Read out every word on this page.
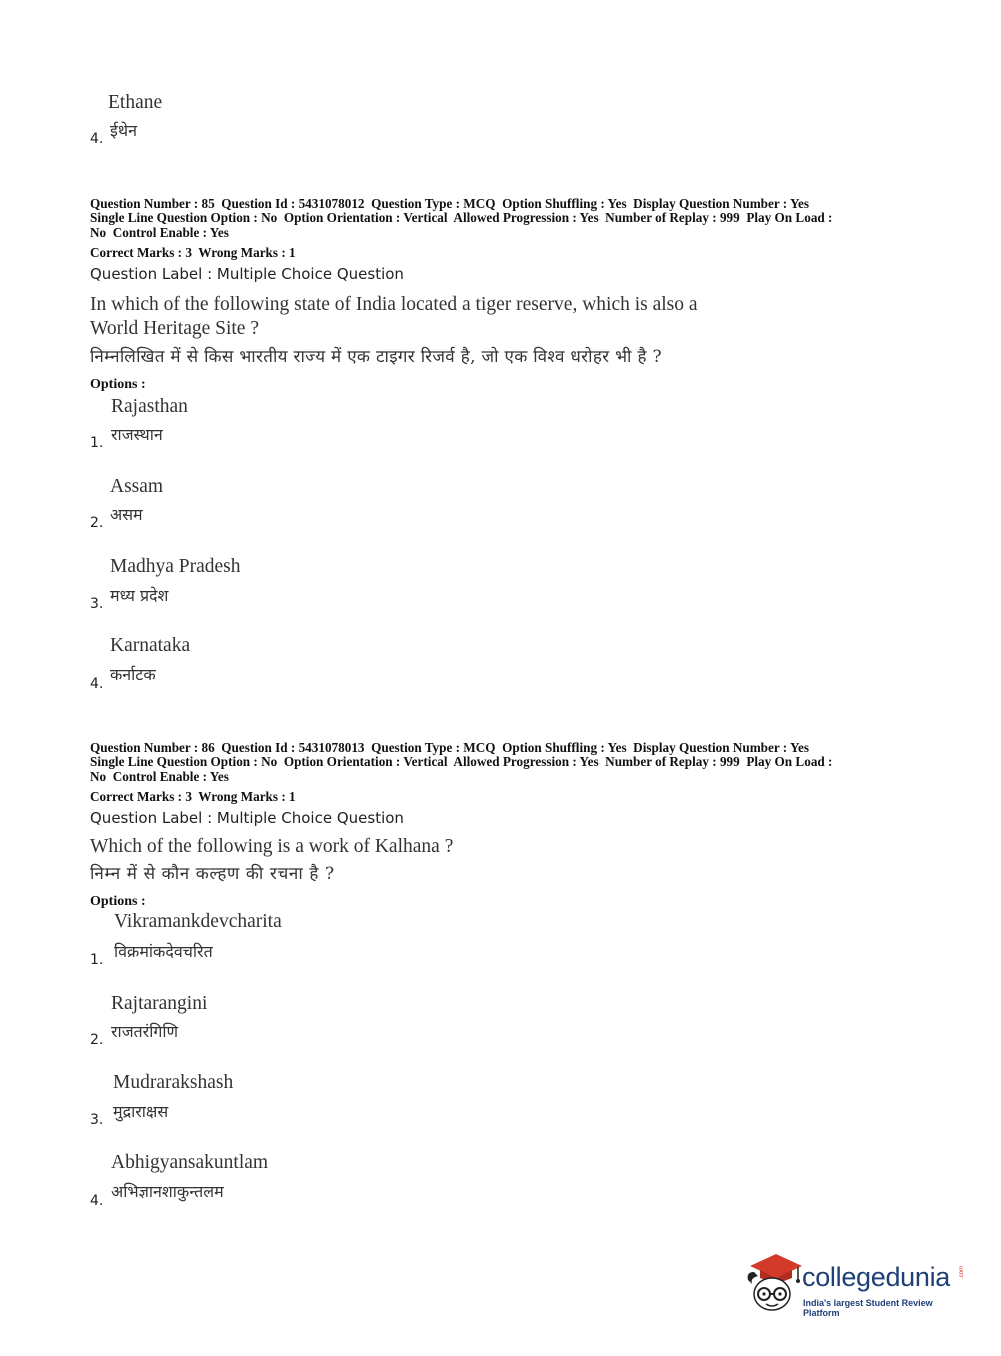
Ethane
ईथेन
4.
Question Number : 85  Question Id : 5431078012  Question Type : MCQ  Option Shuffling : Yes  Display Question Number : Yes
Single Line Question Option : No  Option Orientation : Vertical  Allowed Progression : Yes  Number of Replay : 999  Play On Load :
No  Control Enable : Yes
Correct Marks : 3  Wrong Marks : 1
Question Label : Multiple Choice Question
In which of the following state of India located a tiger reserve, which is also a
World Heritage Site ?
निम्नलिखित में से किस भारतीय राज्य में एक टाइगर रिजर्व है, जो एक विश्व धरोहर भी है ?
Options :
Rajasthan
राजस्थान
1.
Assam
असम
2.
Madhya Pradesh
मध्य प्रदेश
3.
Karnataka
कर्नाटक
4.
Question Number : 86  Question Id : 5431078013  Question Type : MCQ  Option Shuffling : Yes  Display Question Number : Yes
Single Line Question Option : No  Option Orientation : Vertical  Allowed Progression : Yes  Number of Replay : 999  Play On Load :
No  Control Enable : Yes
Correct Marks : 3  Wrong Marks : 1
Question Label : Multiple Choice Question
Which of the following is a work of Kalhana ?
निम्न में से कौन कल्हण की रचना है ?
Options :
Vikramankdevcharita
विक्रमांकदेवचरित
1.
Rajtarangini
राजतरंगिणि
2.
Mudrarakshash
मुद्राराक्षस
3.
Abhigyansakuntlam
अभिज्ञानशाकुन्तलम
4.
collegedunia .com
India's largest Student Review Platform
